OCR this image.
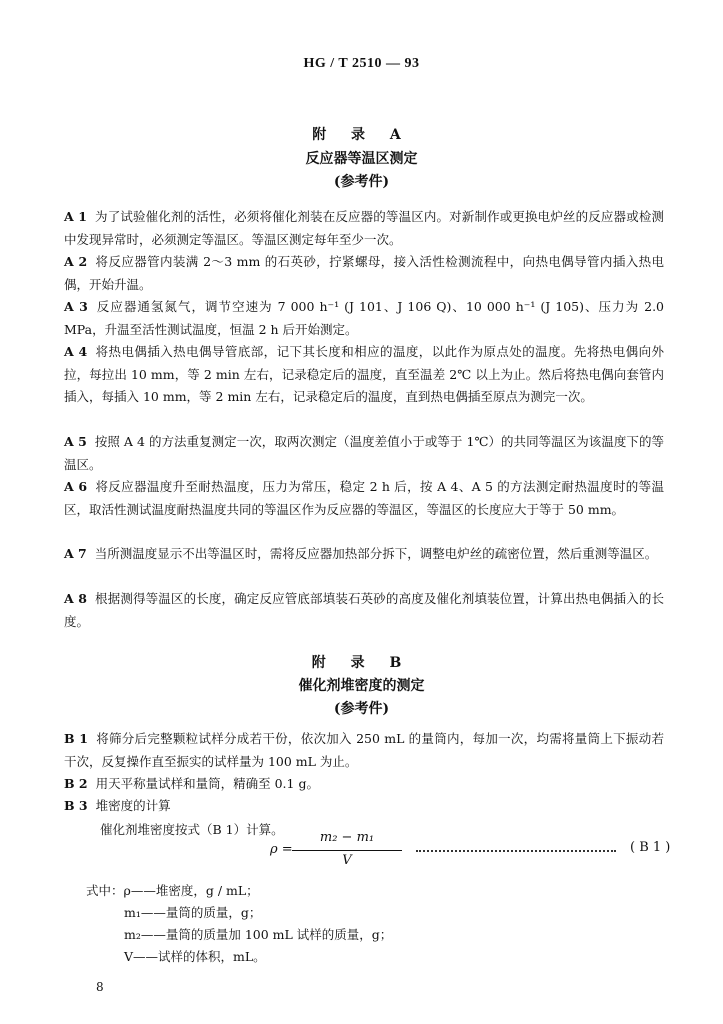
HG / T 2510 — 93
附 录 A
反应器等温区测定
(参考件)
A 1 为了试验催化剂的活性，必须将催化剂装在反应器的等温区内。对新制作或更换电炉丝的反应器或检测中发现异常时，必须测定等温区。等温区测定每年至少一次。
A 2 将反应器管内装满 2～3 mm 的石英砂，拧紧螺母，接入活性检测流程中，向热电偶导管内插入热电偶，开始升温。
A 3 反应器通氢氮气，调节空速为 7 000 h⁻¹ (J 101、J 106 Q)、10 000 h⁻¹ (J 105)、压力为 2.0 MPa，升温至活性测试温度，恒温 2 h 后开始测定。
A 4 将热电偶插入热电偶导管底部，记下其长度和相应的温度，以此作为原点处的温度。先将热电偶向外拉，每拉出 10 mm，等 2 min 左右，记录稳定后的温度，直至温差 2℃ 以上为止。然后将热电偶向套管内插入，每插入 10 mm，等 2 min 左右，记录稳定后的温度，直到热电偶插至原点为测完一次。
A 5 按照 A 4 的方法重复测定一次，取两次测定（温度差值小于或等于 1℃）的共同等温区为该温度下的等温区。
A 6 将反应器温度升至耐热温度，压力为常压，稳定 2 h 后，按 A 4、A 5 的方法测定耐热温度时的等温区，取活性测试温度耐热温度共同的等温区作为反应器的等温区，等温区的长度应大于等于 50 mm。
A 7 当所测温度显示不出等温区时，需将反应器加热部分拆下，调整电炉丝的疏密位置，然后重测等温区。
A 8 根据测得等温区的长度，确定反应管底部填装石英砂的高度及催化剂填装位置，计算出热电偶插入的长度。
附 录 B
催化剂堆密度的测定
(参考件)
B 1 将筛分后完整颗粒试样分成若干份，依次加入 250 mL 的量筒内，每加一次，均需将量筒上下振动若干次，反复操作直至振实的试样量为 100 mL 为止。
B 2 用天平称量试样和量筒，精确至 0.1 g。
B 3 堆密度的计算
催化剂堆密度按式（B 1）计算。
ρ =
m₂ − m₁
V
( B 1 )
式中：ρ——堆密度，g / mL；
m₁——量筒的质量，g；
m₂——量筒的质量加 100 mL 试样的质量，g；
V——试样的体积，mL。
8
